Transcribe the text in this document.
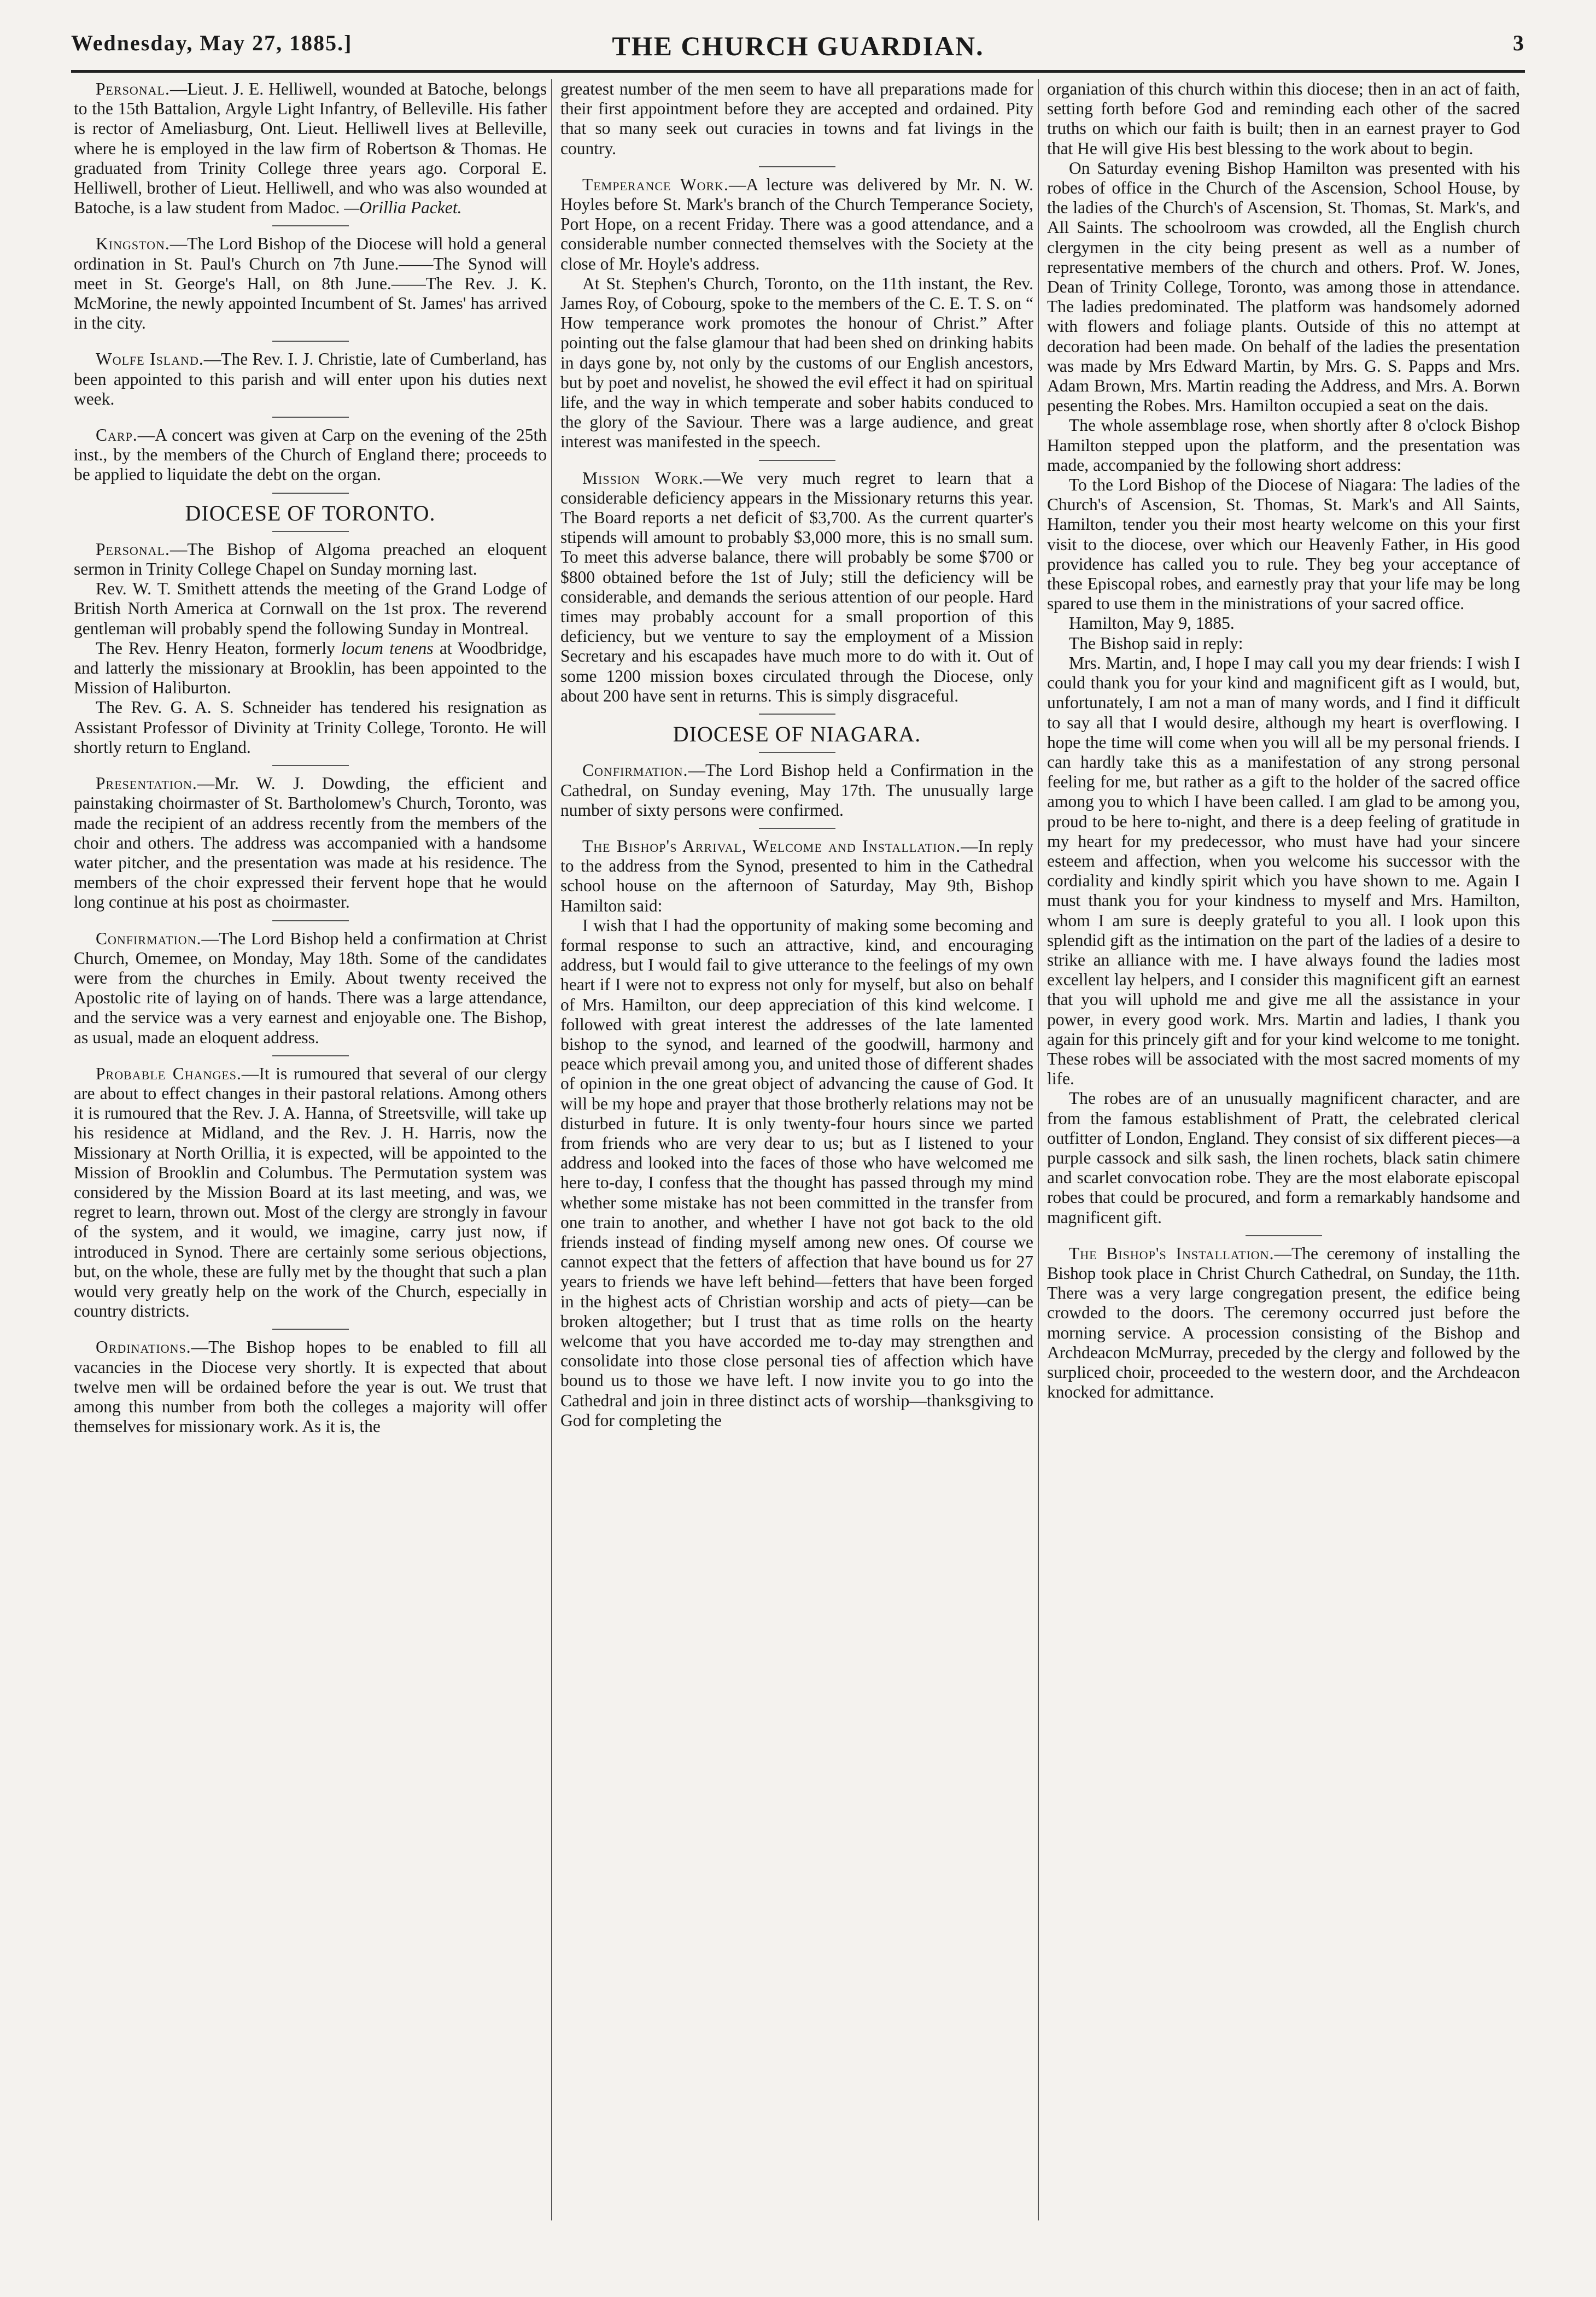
Wednesday, May 27, 1885.]	THE CHURCH GUARDIAN.	3

Personal.—Lieut. J. E. Helliwell, wounded at Batoche, belongs to the 15th Battalion, Argyle Light Infantry, of Belleville. His father is rector of Ameliasburg, Ont. Lieut. Helliwell lives at Belleville, where he is employed in the law firm of Robertson & Thomas. He graduated from Trinity College three years ago. Corporal E. Helliwell, brother of Lieut. Helliwell, and who was also wounded at Batoche, is a law student from Madoc. —Orillia Packet.

Kingston.—The Lord Bishop of the Diocese will hold a general ordination in St. Paul's Church on 7th June.——The Synod will meet in St. George's Hall, on 8th June.——The Rev. J. K. McMorine, the newly appointed Incumbent of St. James' has arrived in the city.

Wolfe Island.—The Rev. I. J. Christie, late of Cumberland, has been appointed to this parish and will enter upon his duties next week.

Carp.—A concert was given at Carp on the evening of the 25th inst., by the members of the Church of England there; proceeds to be applied to liquidate the debt on the organ.

DIOCESE OF TORONTO.

Personal.—The Bishop of Algoma preached an eloquent sermon in Trinity College Chapel on Sunday morning last.

Rev. W. T. Smithett attends the meeting of the Grand Lodge of British North America at Cornwall on the 1st prox. The reverend gentleman will probably spend the following Sunday in Montreal.

The Rev. Henry Heaton, formerly locum tenens at Woodbridge, and latterly the missionary at Brooklin, has been appointed to the Mission of Haliburton.

The Rev. G. A. S. Schneider has tendered his resignation as Assistant Professor of Divinity at Trinity College, Toronto. He will shortly return to England.

Presentation.—Mr. W. J. Dowding, the efficient and painstaking choirmaster of St. Bartholomew's Church, Toronto, was made the recipient of an address recently from the members of the choir and others. The address was accompanied with a handsome water pitcher, and the presentation was made at his residence. The members of the choir expressed their fervent hope that he would long continue at his post as choirmaster.

Confirmation.—The Lord Bishop held a confirmation at Christ Church, Omemee, on Monday, May 18th. Some of the candidates were from the churches in Emily. About twenty received the Apostolic rite of laying on of hands. There was a large attendance, and the service was a very earnest and enjoyable one. The Bishop, as usual, made an eloquent address.

Probable Changes.—It is rumoured that several of our clergy are about to effect changes in their pastoral relations. Among others it is rumoured that the Rev. J. A. Hanna, of Streetsville, will take up his residence at Midland, and the Rev. J. H. Harris, now the Missionary at North Orillia, it is expected, will be appointed to the Mission of Brooklin and Columbus. The Permutation system was considered by the Mission Board at its last meeting, and was, we regret to learn, thrown out. Most of the clergy are strongly in favour of the system, and it would, we imagine, carry just now, if introduced in Synod. There are certainly some serious objections, but, on the whole, these are fully met by the thought that such a plan would very greatly help on the work of the Church, especially in country districts.

Ordinations.—The Bishop hopes to be enabled to fill all vacancies in the Diocese very shortly. It is expected that about twelve men will be ordained before the year is out. We trust that among this number from both the colleges a majority will offer themselves for missionary work. As it is, the

greatest number of the men seem to have all preparations made for their first appointment before they are accepted and ordained. Pity that so many seek out curacies in towns and fat livings in the country.

Temperance Work.—A lecture was delivered by Mr. N. W. Hoyles before St. Mark's branch of the Church Temperance Society, Port Hope, on a recent Friday. There was a good attendance, and a considerable number connected themselves with the Society at the close of Mr. Hoyle's address.

At St. Stephen's Church, Toronto, on the 11th instant, the Rev. James Roy, of Cobourg, spoke to the members of the C. E. T. S. on “ How temperance work promotes the honour of Christ.” After pointing out the false glamour that had been shed on drinking habits in days gone by, not only by the customs of our English ancestors, but by poet and novelist, he showed the evil effect it had on spiritual life, and the way in which temperate and sober habits conduced to the glory of the Saviour. There was a large audience, and great interest was manifested in the speech.

Mission Work.—We very much regret to learn that a considerable deficiency appears in the Missionary returns this year. The Board reports a net deficit of $3,700. As the current quarter's stipends will amount to probably $3,000 more, this is no small sum. To meet this adverse balance, there will probably be some $700 or $800 obtained before the 1st of July; still the deficiency will be considerable, and demands the serious attention of our people. Hard times may probably account for a small proportion of this deficiency, but we venture to say the employment of a Mission Secretary and his escapades have much more to do with it. Out of some 1200 mission boxes circulated through the Diocese, only about 200 have sent in returns. This is simply disgraceful.

DIOCESE OF NIAGARA.

Confirmation.—The Lord Bishop held a Confirmation in the Cathedral, on Sunday evening, May 17th. The unusually large number of sixty persons were confirmed.

The Bishop's Arrival, Welcome and Installation.—In reply to the address from the Synod, presented to him in the Cathedral school house on the afternoon of Saturday, May 9th, Bishop Hamilton said:

I wish that I had the opportunity of making some becoming and formal response to such an attractive, kind, and encouraging address, but I would fail to give utterance to the feelings of my own heart if I were not to express not only for myself, but also on behalf of Mrs. Hamilton, our deep appreciation of this kind welcome. I followed with great interest the addresses of the late lamented bishop to the synod, and learned of the goodwill, harmony and peace which prevail among you, and united those of different shades of opinion in the one great object of advancing the cause of God. It will be my hope and prayer that those brotherly relations may not be disturbed in future. It is only twenty-four hours since we parted from friends who are very dear to us; but as I listened to your address and looked into the faces of those who have welcomed me here to-day, I confess that the thought has passed through my mind whether some mistake has not been committed in the transfer from one train to another, and whether I have not got back to the old friends instead of finding myself among new ones. Of course we cannot expect that the fetters of affection that have bound us for 27 years to friends we have left behind—fetters that have been forged in the highest acts of Christian worship and acts of piety—can be broken altogether; but I trust that as time rolls on the hearty welcome that you have accorded me to-day may strengthen and consolidate into those close personal ties of affection which have bound us to those we have left. I now invite you to go into the Cathedral and join in three distinct acts of worship—thanksgiving to God for completing the

organiation of this church within this diocese; then in an act of faith, setting forth before God and reminding each other of the sacred truths on which our faith is built; then in an earnest prayer to God that He will give His best blessing to the work about to begin.

On Saturday evening Bishop Hamilton was presented with his robes of office in the Church of the Ascension, School House, by the ladies of the Church's of Ascension, St. Thomas, St. Mark's, and All Saints. The schoolroom was crowded, all the English church clergymen in the city being present as well as a number of representative members of the church and others. Prof. W. Jones, Dean of Trinity College, Toronto, was among those in attendance. The ladies predominated. The platform was handsomely adorned with flowers and foliage plants. Outside of this no attempt at decoration had been made. On behalf of the ladies the presentation was made by Mrs Edward Martin, by Mrs. G. S. Papps and Mrs. Adam Brown, Mrs. Martin reading the Address, and Mrs. A. Borwn pesenting the Robes. Mrs. Hamilton occupied a seat on the dais.

The whole assemblage rose, when shortly after 8 o'clock Bishop Hamilton stepped upon the platform, and the presentation was made, accompanied by the following short address:

To the Lord Bishop of the Diocese of Niagara: The ladies of the Church's of Ascension, St. Thomas, St. Mark's and All Saints, Hamilton, tender you their most hearty welcome on this your first visit to the diocese, over which our Heavenly Father, in His good providence has called you to rule. They beg your acceptance of these Episcopal robes, and earnestly pray that your life may be long spared to use them in the ministrations of your sacred office.

Hamilton, May 9, 1885.

The Bishop said in reply:

Mrs. Martin, and, I hope I may call you my dear friends: I wish I could thank you for your kind and magnificent gift as I would, but, unfortunately, I am not a man of many words, and I find it difficult to say all that I would desire, although my heart is overflowing. I hope the time will come when you will all be my personal friends. I can hardly take this as a manifestation of any strong personal feeling for me, but rather as a gift to the holder of the sacred office among you to which I have been called. I am glad to be among you, proud to be here to-night, and there is a deep feeling of gratitude in my heart for my predecessor, who must have had your sincere esteem and affection, when you welcome his successor with the cordiality and kindly spirit which you have shown to me. Again I must thank you for your kindness to myself and Mrs. Hamilton, whom I am sure is deeply grateful to you all. I look upon this splendid gift as the intimation on the part of the ladies of a desire to strike an alliance with me. I have always found the ladies most excellent lay helpers, and I consider this magnificent gift an earnest that you will uphold me and give me all the assistance in your power, in every good work. Mrs. Martin and ladies, I thank you again for this princely gift and for your kind welcome to me tonight. These robes will be associated with the most sacred moments of my life.

The robes are of an unusually magnificent character, and are from the famous establishment of Pratt, the celebrated clerical outfitter of London, England. They consist of six different pieces—a purple cassock and silk sash, the linen rochets, black satin chimere and scarlet convocation robe. They are the most elaborate episcopal robes that could be procured, and form a remarkably handsome and magnificent gift.

The Bishop's Installation.—The ceremony of installing the Bishop took place in Christ Church Cathedral, on Sunday, the 11th. There was a very large congregation present, the edifice being crowded to the doors. The ceremony occurred just before the morning service. A procession consisting of the Bishop and Archdeacon McMurray, preceded by the clergy and followed by the surpliced choir, proceeded to the western door, and the Archdeacon knocked for admittance.
